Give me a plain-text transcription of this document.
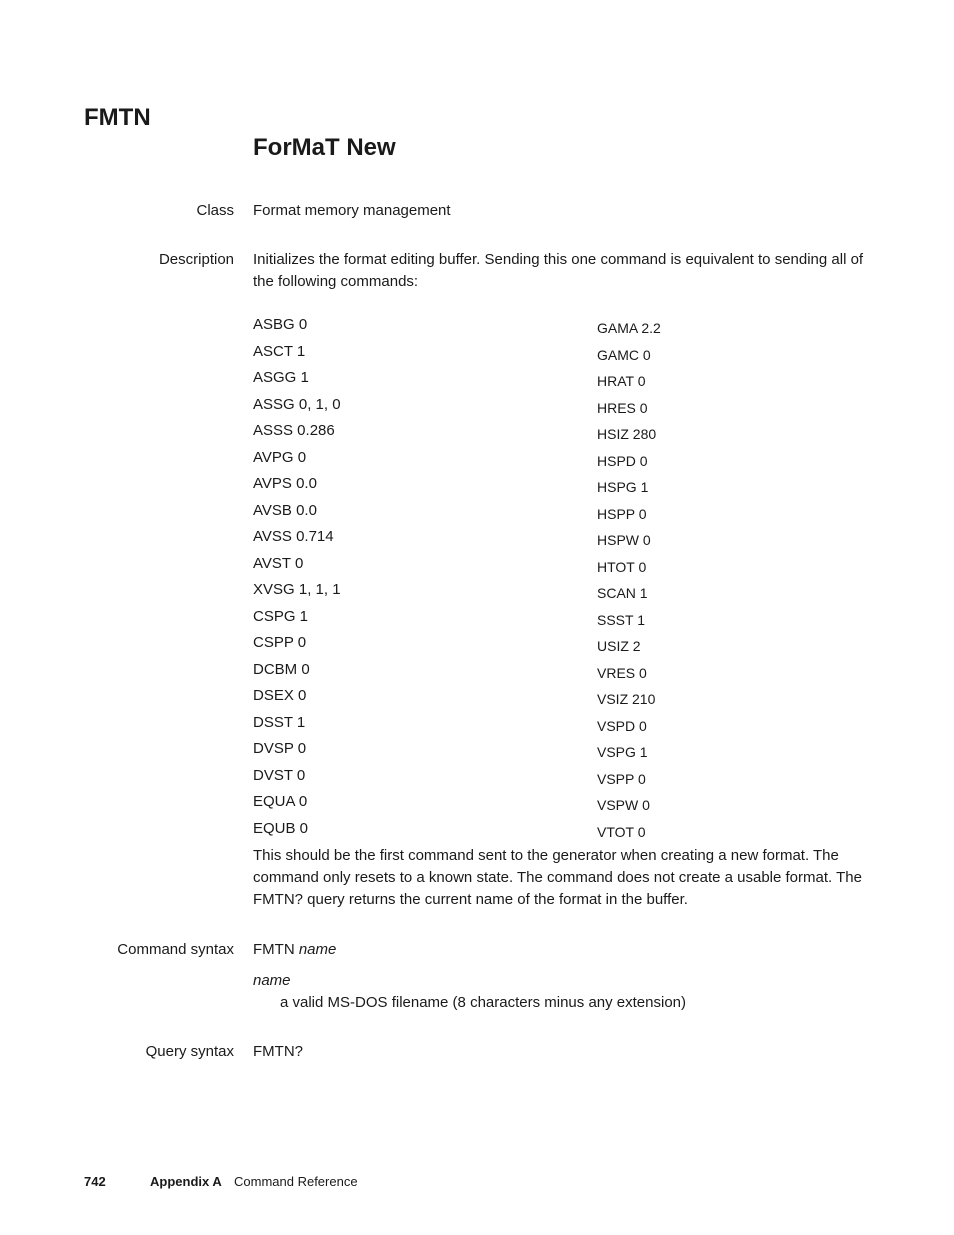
FMTN
ForMaT New
Class Format memory management
Description Initializes the format editing buffer. Sending this one command is equivalent to sending all of the following commands:

ASBG 0
ASCT 1
ASGG 1
ASSG 0, 1, 0
ASSS 0.286
AVPG 0
AVPS 0.0
AVSB 0.0
AVSS 0.714
AVST 0
XVSG 1, 1, 1
CSPG 1
CSPP 0
DCBM 0
DSEX 0
DSST 1
DVSP 0
DVST 0
EQUA 0
EQUB 0
GAMA 2.2
GAMC 0
HRAT 0
HRES 0
HSIZ 280
HSPD 0
HSPG 1
HSPP 0
HSPW 0
HTOT 0
SCAN 1
SSST 1
USIZ 2
VRES 0
VSIZ 210
VSPD 0
VSPG 1
VSPP 0
VSPW 0
VTOT 0

This should be the first command sent to the generator when creating a new format. The command only resets to a known state. The command does not create a usable format. The FMTN? query returns the current name of the format in the buffer.

Command syntax FMTN name
name
a valid MS-DOS filename (8 characters minus any extension)
Query syntax FMTN?
742	Appendix A Command Reference
